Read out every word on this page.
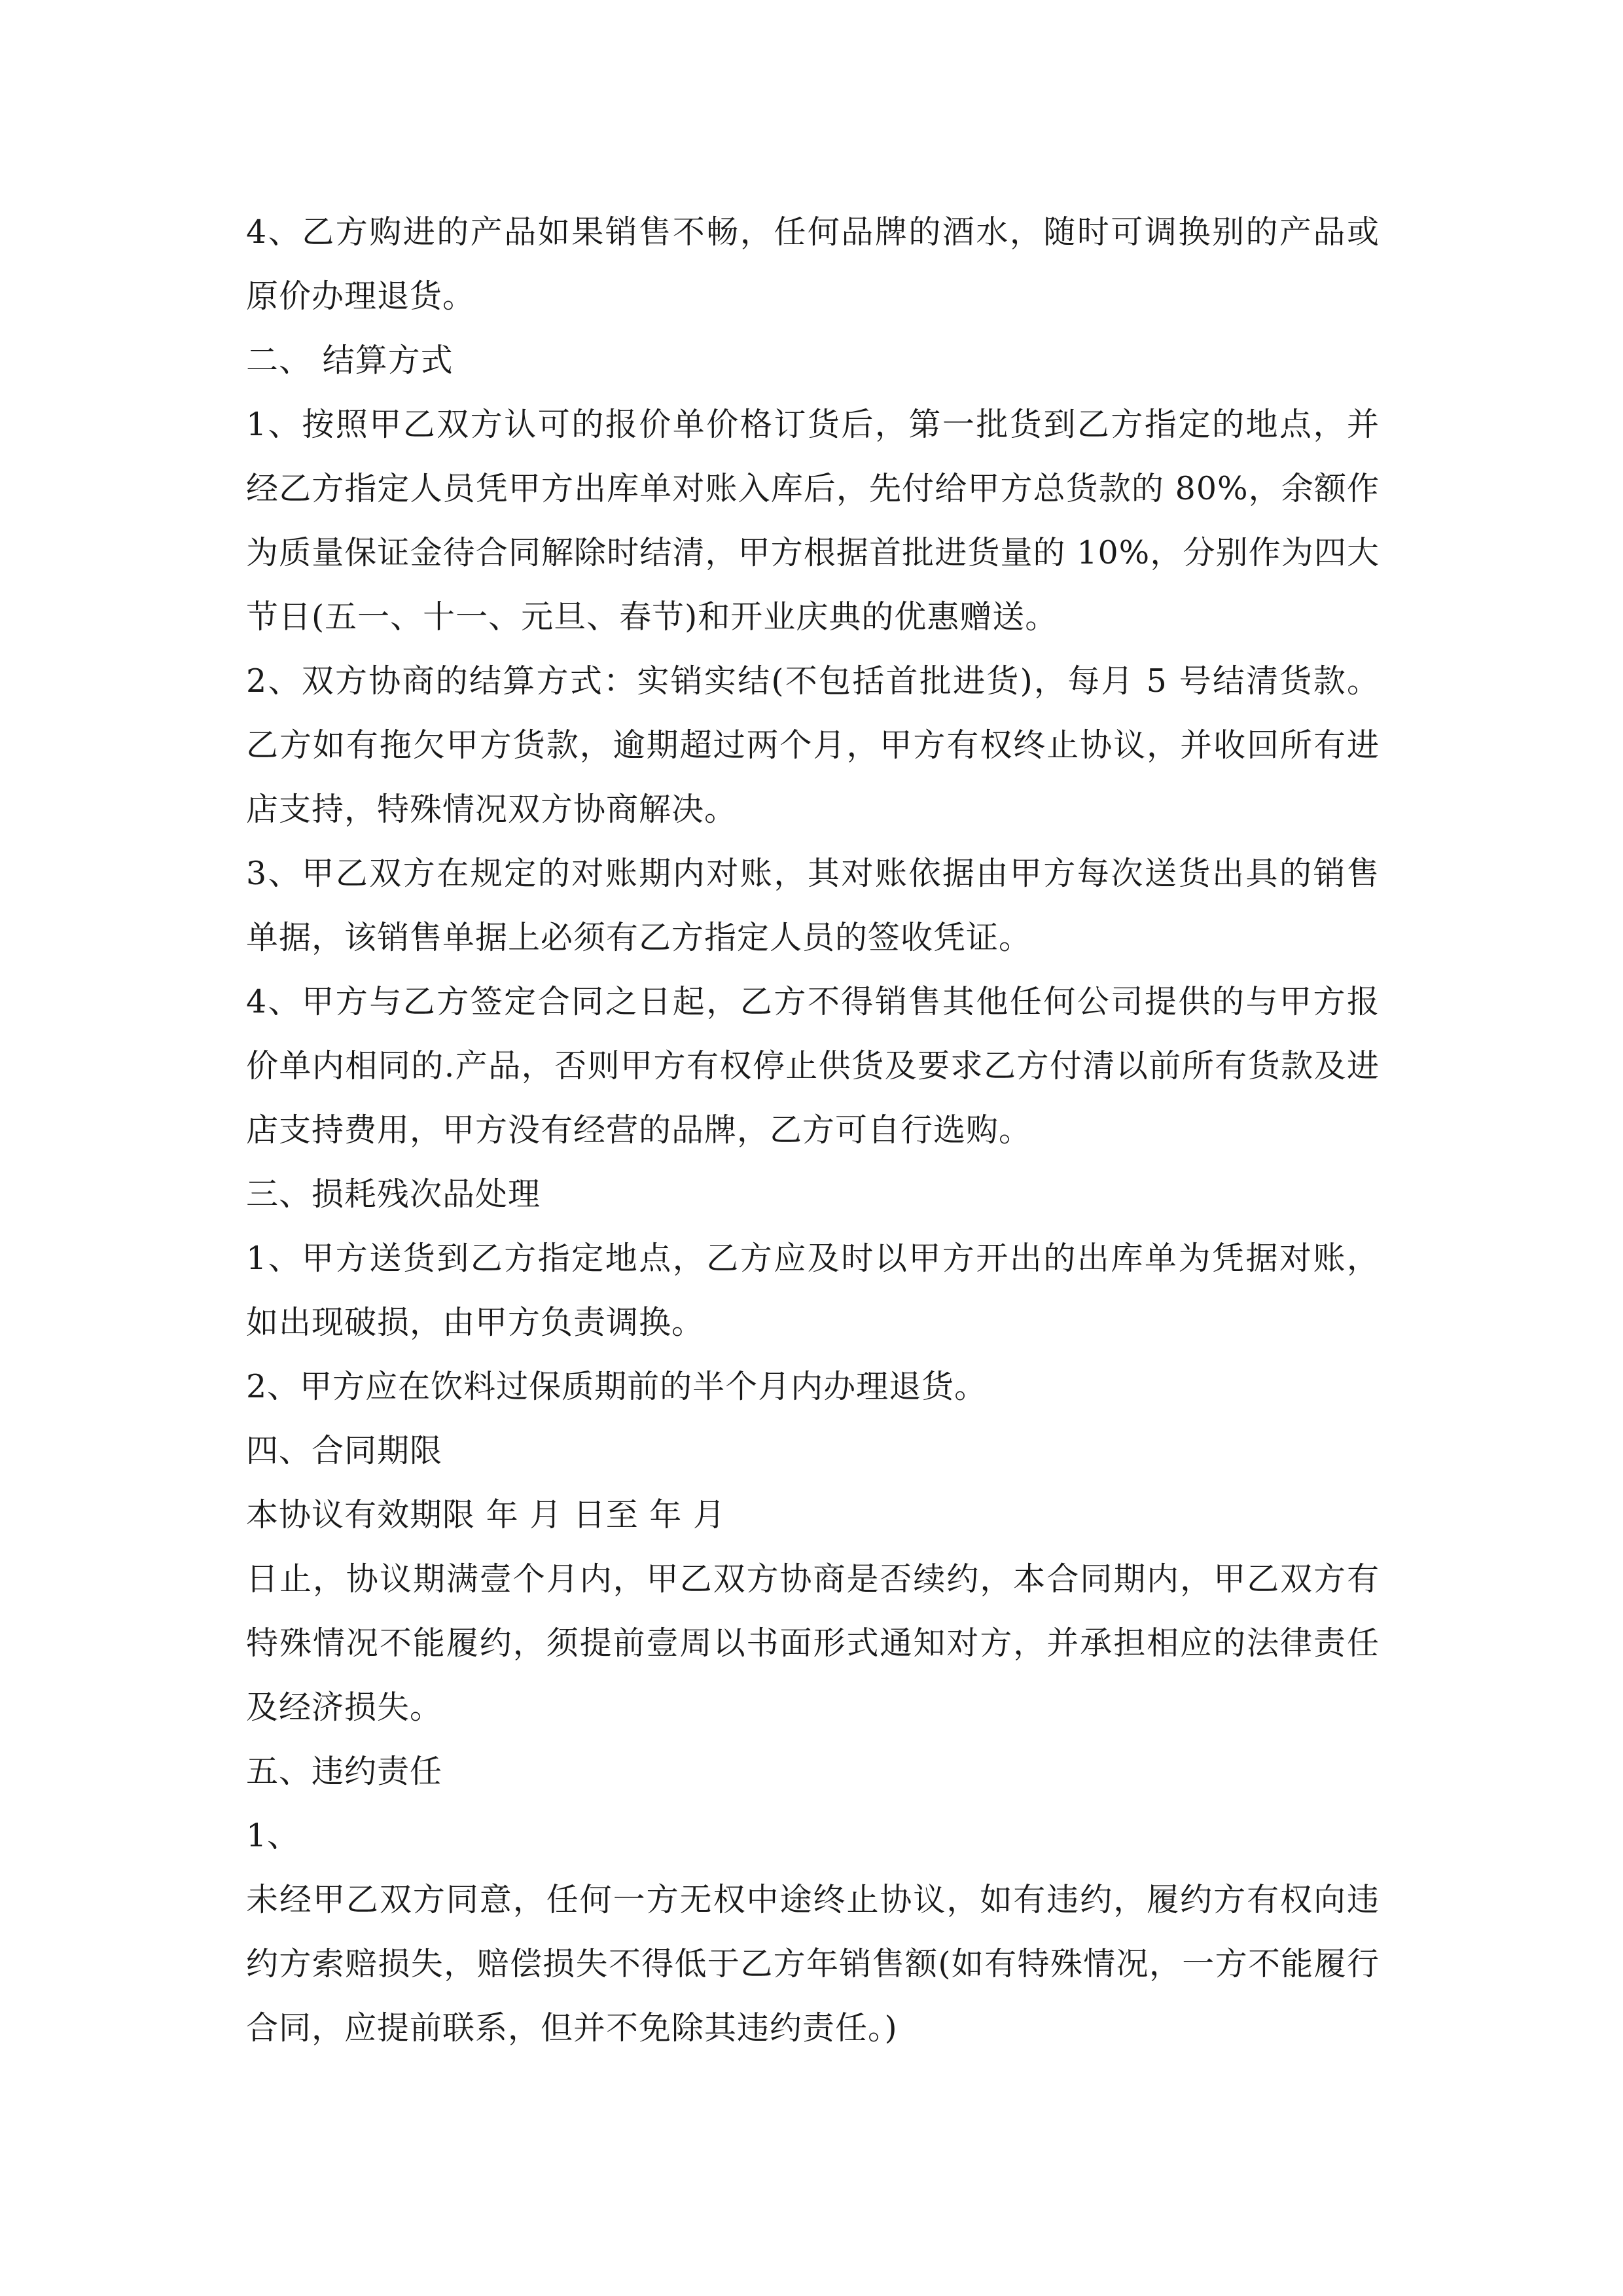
4、乙方购进的产品如果销售不畅，任何品牌的酒水，随时可调换别的产品或原价办理退货。

二、 结算方式

1、按照甲乙双方认可的报价单价格订货后，第一批货到乙方指定的地点，并经乙方指定人员凭甲方出库单对账入库后，先付给甲方总货款的 80%，余额作为质量保证金待合同解除时结清，甲方根据首批进货量的 10%，分别作为四大节日(五一、十一、元旦、春节)和开业庆典的优惠赠送。

2、双方协商的结算方式：实销实结(不包括首批进货)，每月 5 号结清货款。乙方如有拖欠甲方货款，逾期超过两个月，甲方有权终止协议，并收回所有进店支持，特殊情况双方协商解决。

3、甲乙双方在规定的对账期内对账，其对账依据由甲方每次送货出具的销售单据，该销售单据上必须有乙方指定人员的签收凭证。

4、甲方与乙方签定合同之日起，乙方不得销售其他任何公司提供的与甲方报价单内相同的.产品，否则甲方有权停止供货及要求乙方付清以前所有货款及进店支持费用，甲方没有经营的品牌，乙方可自行选购。

三、损耗残次品处理

1、甲方送货到乙方指定地点，乙方应及时以甲方开出的出库单为凭据对账，如出现破损，由甲方负责调换。

2、甲方应在饮料过保质期前的半个月内办理退货。

四、合同期限

本协议有效期限 年 月 日至 年 月

日止，协议期满壹个月内，甲乙双方协商是否续约，本合同期内，甲乙双方有特殊情况不能履约，须提前壹周以书面形式通知对方，并承担相应的法律责任及经济损失。

五、违约责任

1、

未经甲乙双方同意，任何一方无权中途终止协议，如有违约，履约方有权向违约方索赔损失，赔偿损失不得低于乙方年销售额(如有特殊情况，一方不能履行合同，应提前联系，但并不免除其违约责任。)
